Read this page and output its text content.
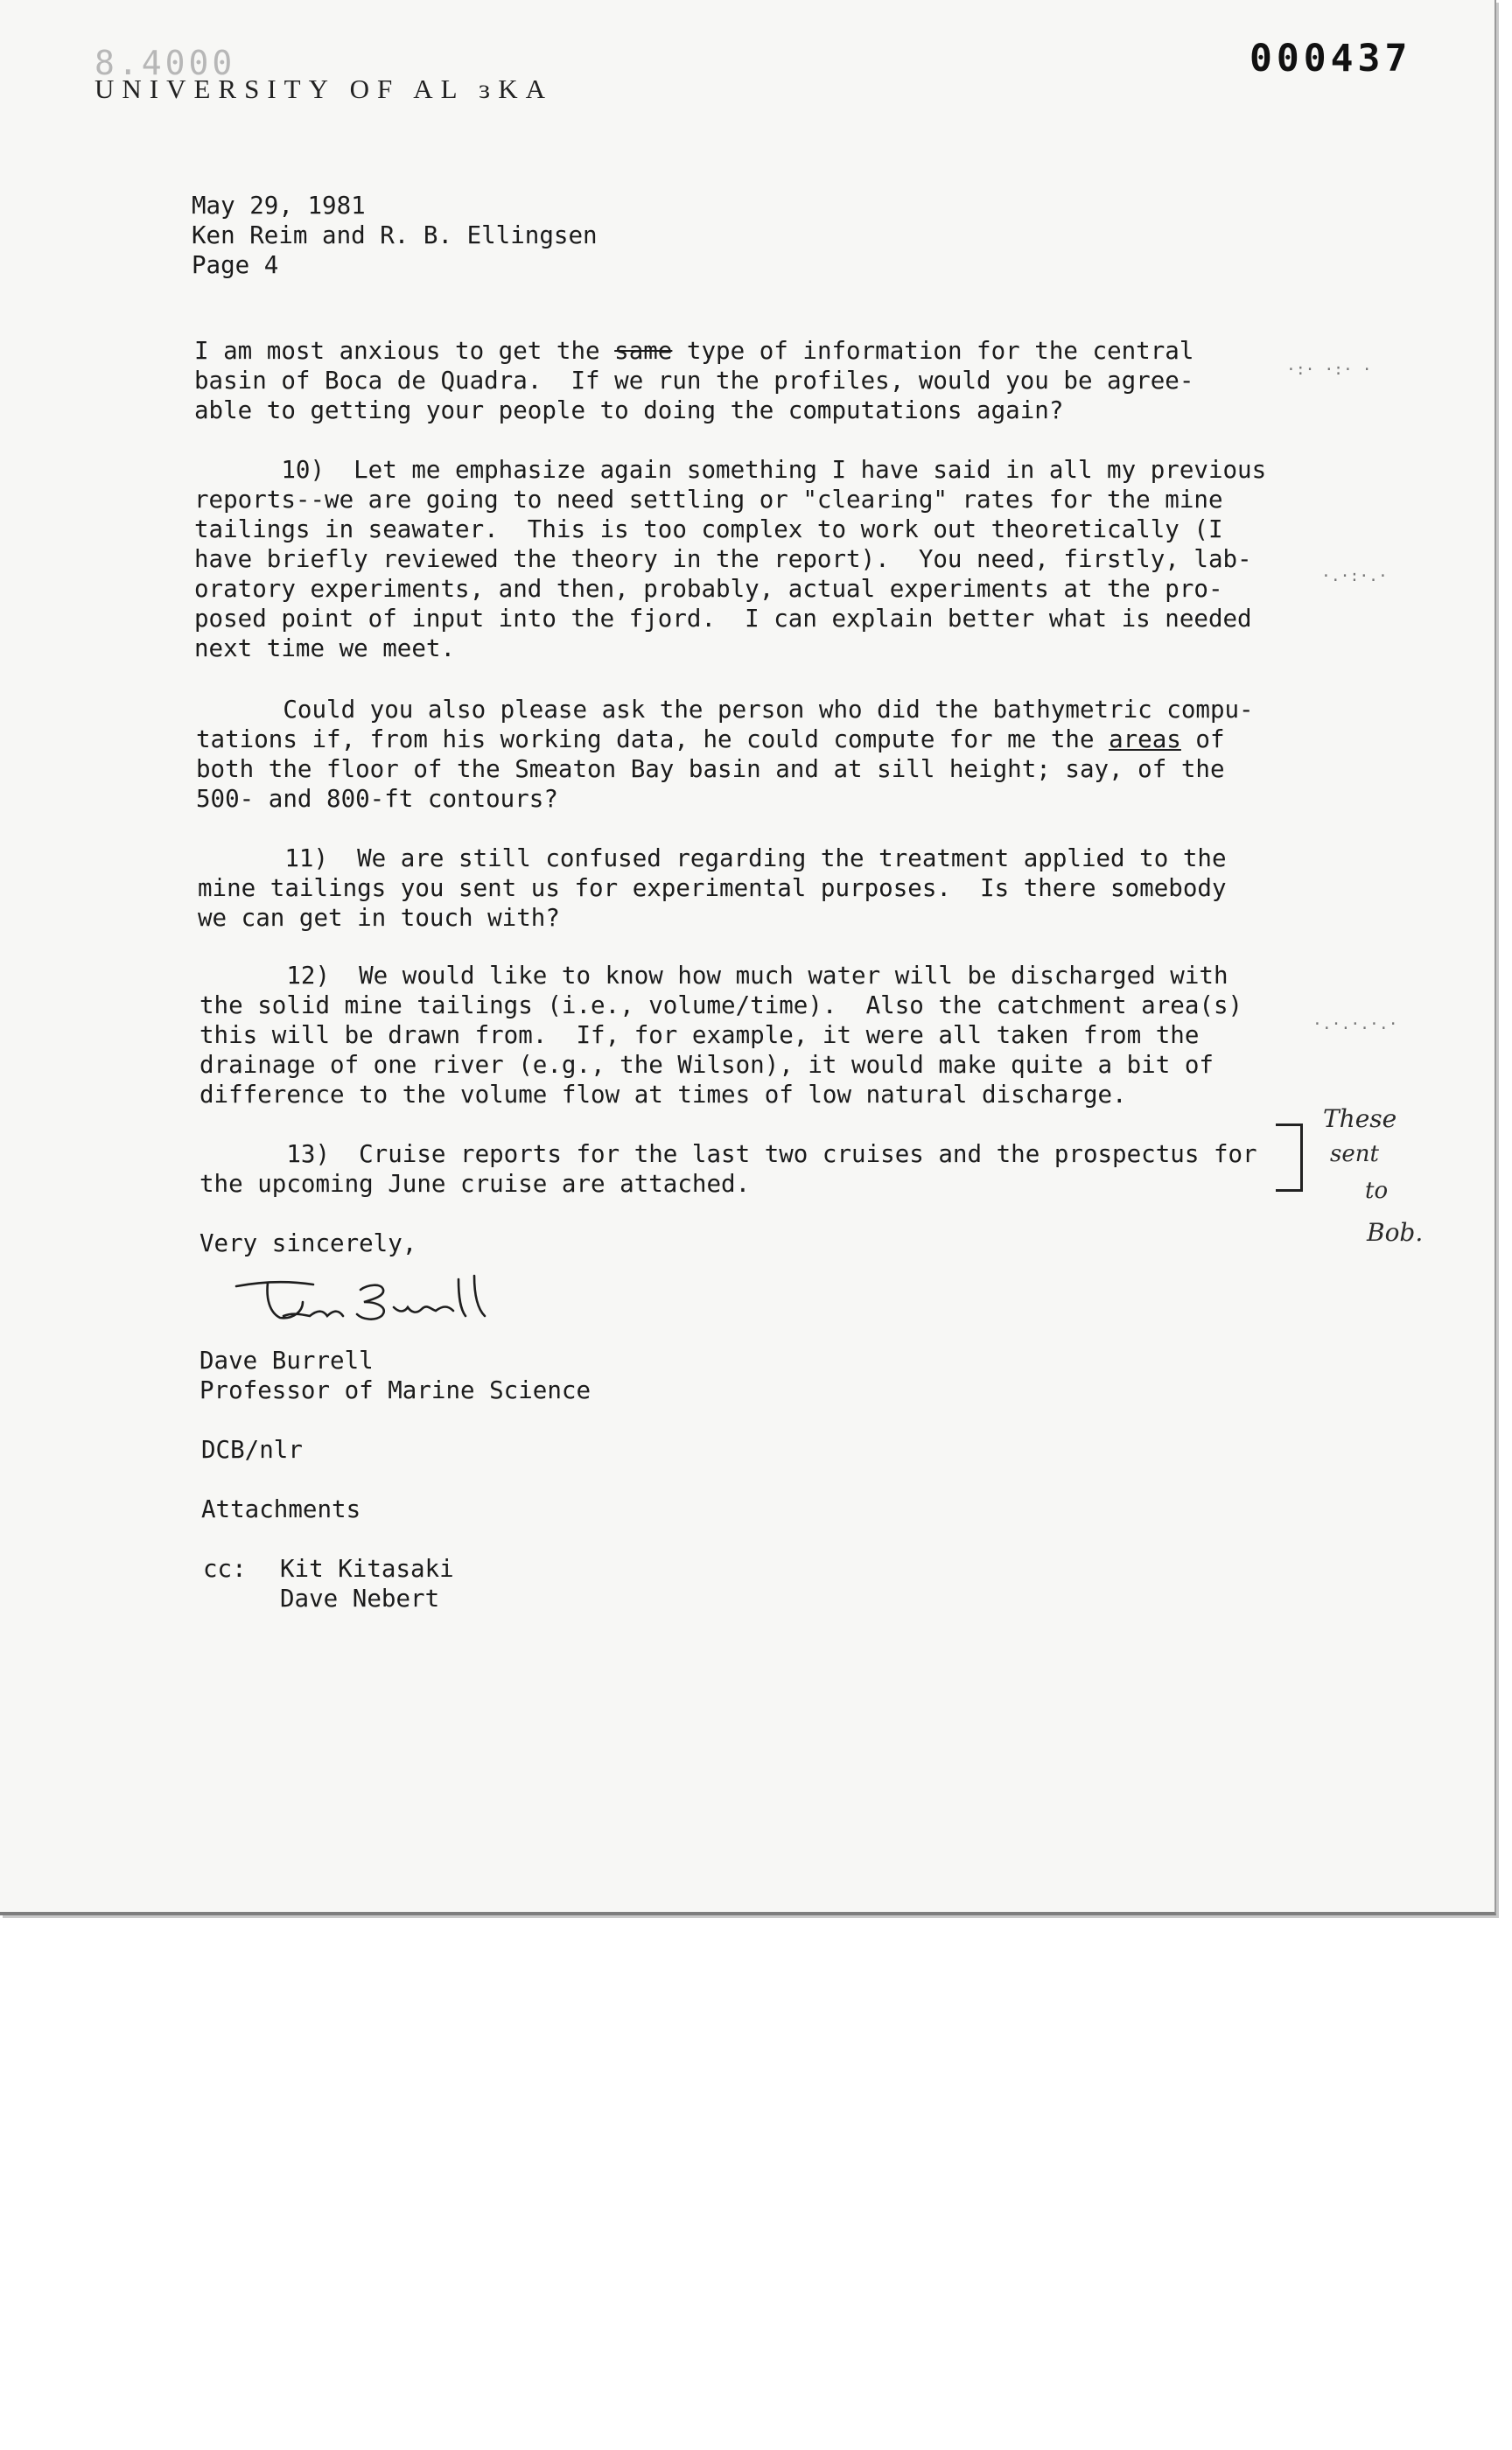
8.4000
UNIVERSITY OF AL ɜKA
000437
May 29, 1981
Ken Reim and R. B. Ellingsen
Page 4
I am most anxious to get the same type of information for the central
basin of Boca de Quadra.  If we run the profiles, would you be agree-
able to getting your people to doing the computations again?
10)  Let me emphasize again something I have said in all my previous
reports--we are going to need settling or "clearing" rates for the mine
tailings in seawater.  This is too complex to work out theoretically (I
have briefly reviewed the theory in the report).  You need, firstly, lab-
oratory experiments, and then, probably, actual experiments at the pro-
posed point of input into the fjord.  I can explain better what is needed
next time we meet.
Could you also please ask the person who did the bathymetric compu-
tations if, from his working data, he could compute for me the areas of
both the floor of the Smeaton Bay basin and at sill height; say, of the
500- and 800-ft contours?
11)  We are still confused regarding the treatment applied to the
mine tailings you sent us for experimental purposes.  Is there somebody
we can get in touch with?
12)  We would like to know how much water will be discharged with
the solid mine tailings (i.e., volume/time).  Also the catchment area(s)
this will be drawn from.  If, for example, it were all taken from the
drainage of one river (e.g., the Wilson), it would make quite a bit of
difference to the volume flow at times of low natural discharge.
13)  Cruise reports for the last two cruises and the prospectus for
the upcoming June cruise are attached.
These
sent
to
Bob.
·:· ·:· ·
·.·:·.·
·.·.·.·.·
Very sincerely,
Dave Burrell
Professor of Marine Science
DCB/nlr
Attachments
cc: Kit Kitasaki
Dave Nebert
